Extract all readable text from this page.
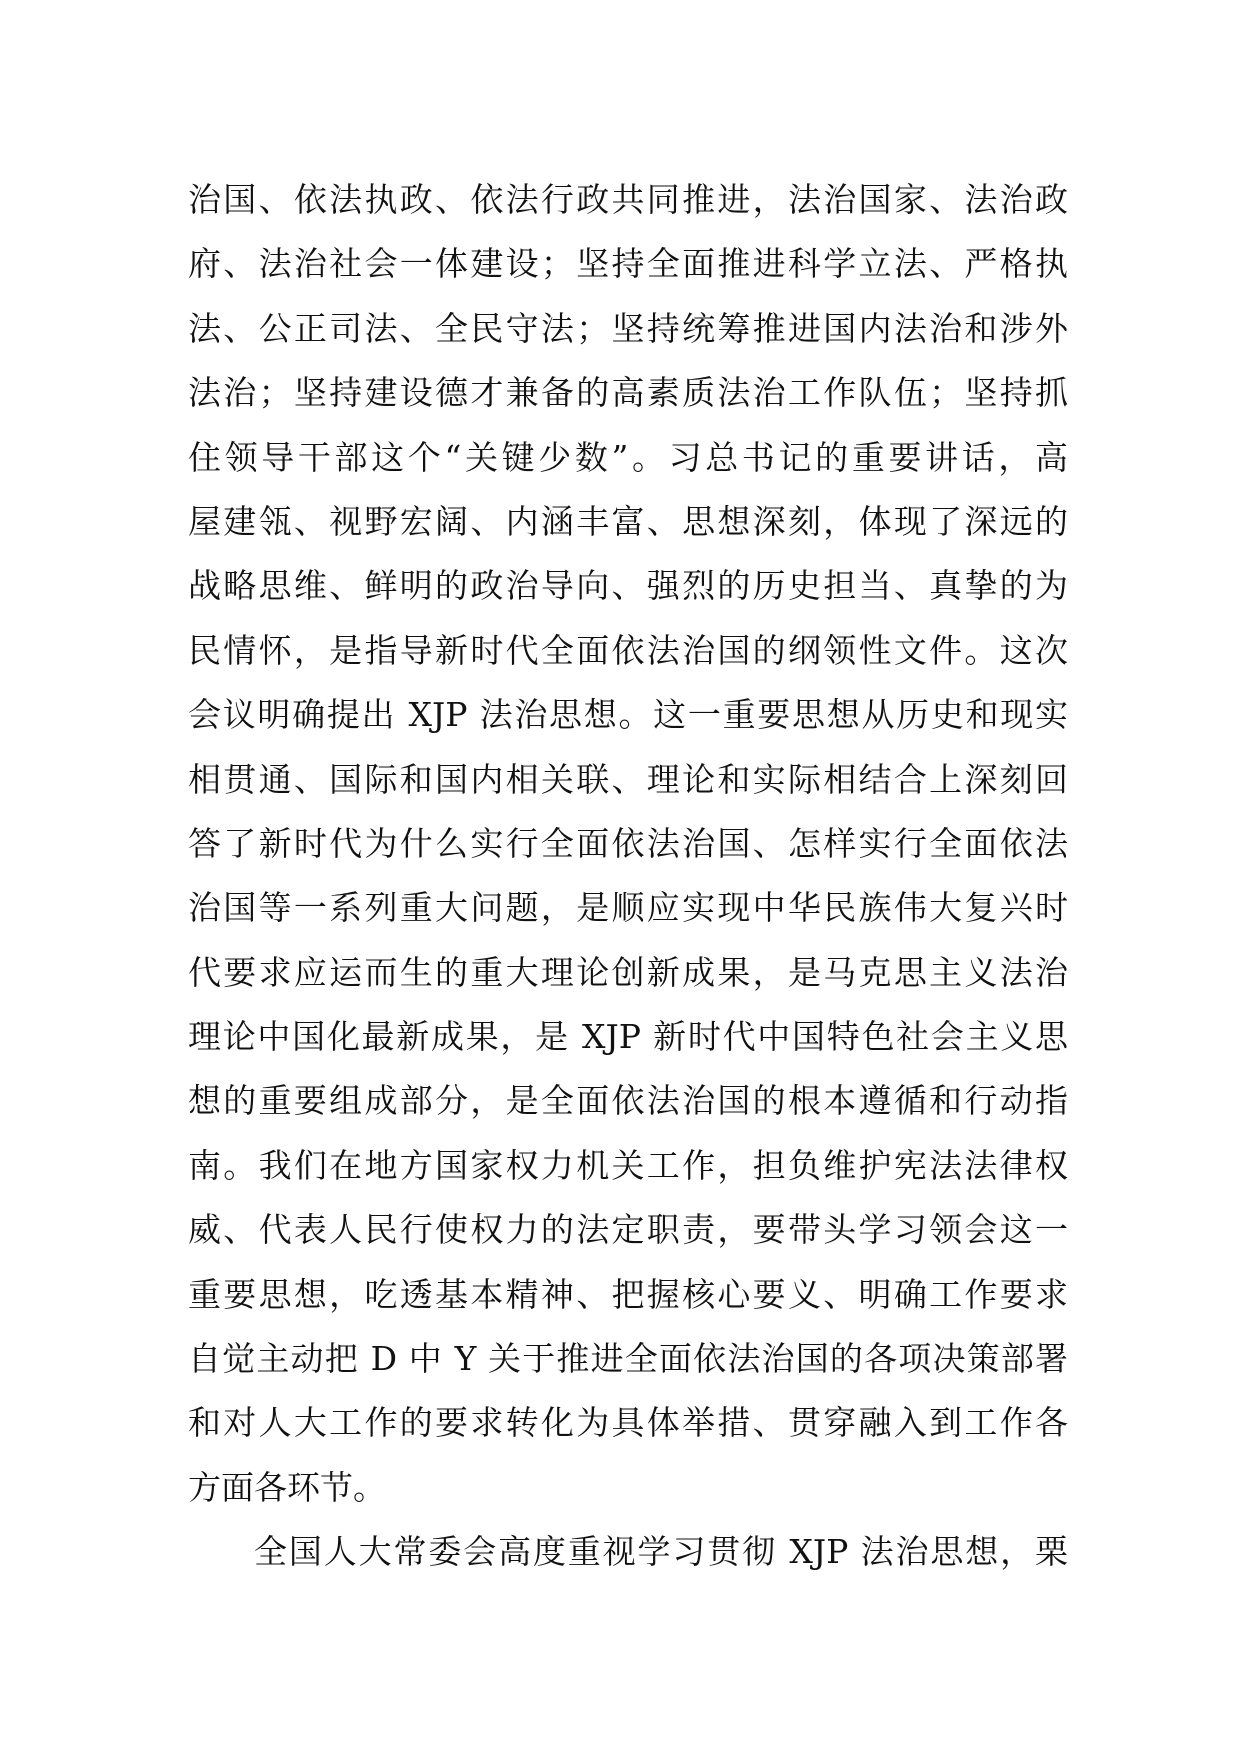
治国、依法执政、依法行政共同推进，法治国家、法治政
府、法治社会一体建设；坚持全面推进科学立法、严格执
法、公正司法、全民守法；坚持统筹推进国内法治和涉外
法治；坚持建设德才兼备的高素质法治工作队伍；坚持抓
住领导干部这个“关键少数”。习总书记的重要讲话，高
屋建瓴、视野宏阔、内涵丰富、思想深刻，体现了深远的
战略思维、鲜明的政治导向、强烈的历史担当、真挚的为
民情怀，是指导新时代全面依法治国的纲领性文件。这次
会议明确提出 XJP 法治思想。这一重要思想从历史和现实
相贯通、国际和国内相关联、理论和实际相结合上深刻回
答了新时代为什么实行全面依法治国、怎样实行全面依法
治国等一系列重大问题，是顺应实现中华民族伟大复兴时
代要求应运而生的重大理论创新成果，是马克思主义法治
理论中国化最新成果，是 XJP 新时代中国特色社会主义思
想的重要组成部分，是全面依法治国的根本遵循和行动指
南。我们在地方国家权力机关工作，担负维护宪法法律权
威、代表人民行使权力的法定职责，要带头学习领会这一
重要思想，吃透基本精神、把握核心要义、明确工作要求
自觉主动把 D 中 Y 关于推进全面依法治国的各项决策部署
和对人大工作的要求转化为具体举措、贯穿融入到工作各
方面各环节。
全国人大常委会高度重视学习贯彻 XJP 法治思想，栗
